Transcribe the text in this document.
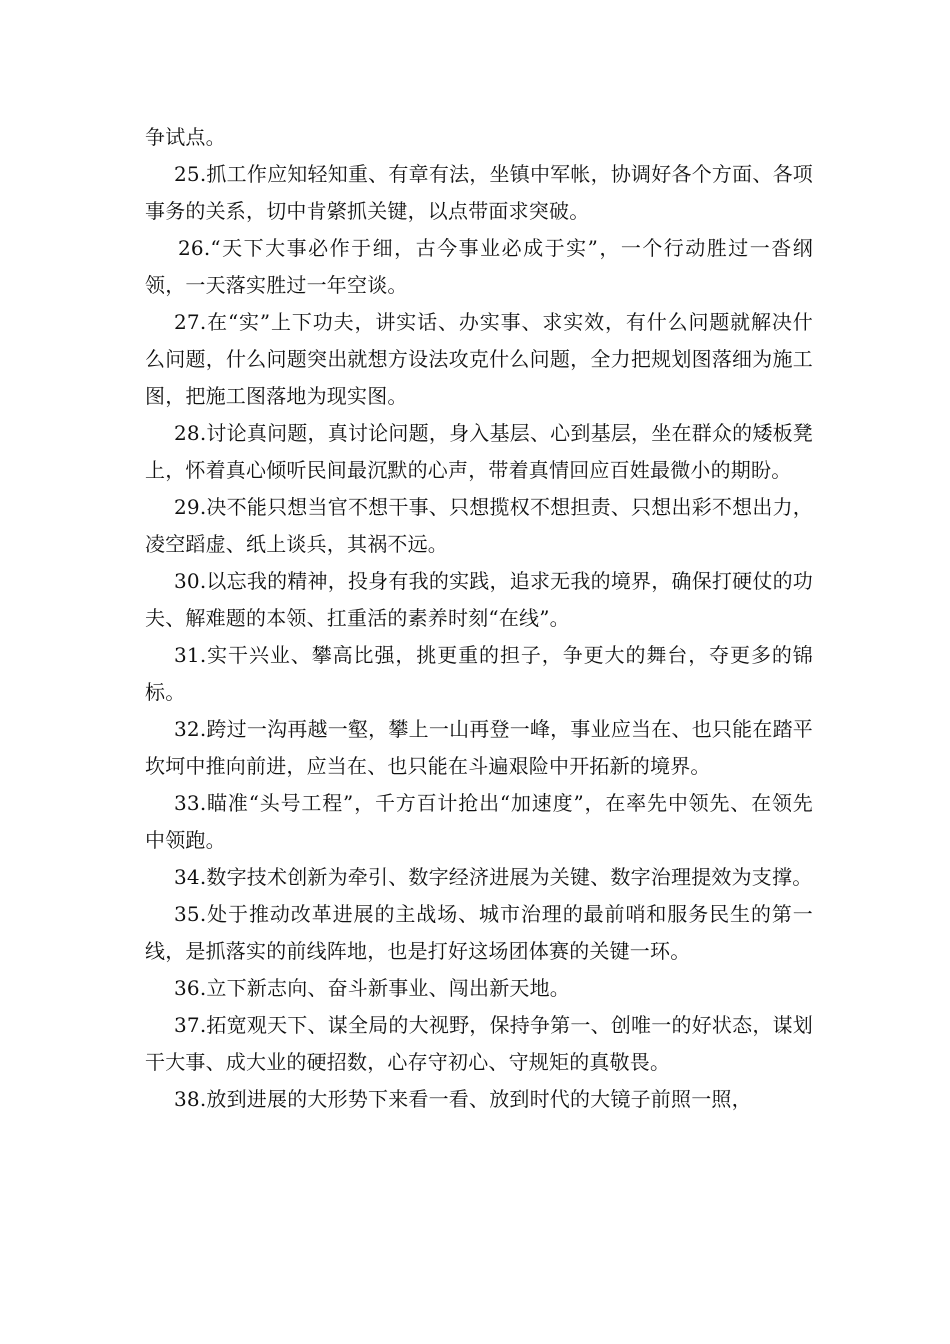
争试点。

25.抓工作应知轻知重、有章有法，坐镇中军帐，协调好各个方面、各项事务的关系，切中肯綮抓关键，以点带面求突破。

26.“天下大事必作于细，古今事业必成于实”，一个行动胜过一沓纲领，一天落实胜过一年空谈。

27.在“实”上下功夫，讲实话、办实事、求实效，有什么问题就解决什么问题，什么问题突出就想方设法攻克什么问题，全力把规划图落细为施工图，把施工图落地为现实图。

28.讨论真问题，真讨论问题，身入基层、心到基层，坐在群众的矮板凳上，怀着真心倾听民间最沉默的心声，带着真情回应百姓最微小的期盼。

29.决不能只想当官不想干事、只想揽权不想担责、只想出彩不想出力，凌空蹈虚、纸上谈兵，其祸不远。

30.以忘我的精神，投身有我的实践，追求无我的境界，确保打硬仗的功夫、解难题的本领、扛重活的素养时刻“在线”。

31.实干兴业、攀高比强，挑更重的担子，争更大的舞台，夺更多的锦标。

32.跨过一沟再越一壑，攀上一山再登一峰，事业应当在、也只能在踏平坎坷中推向前进，应当在、也只能在斗遍艰险中开拓新的境界。

33.瞄准“头号工程”，千方百计抢出“加速度”，在率先中领先、在领先中领跑。

34.数字技术创新为牵引、数字经济进展为关键、数字治理提效为支撑。

35.处于推动改革进展的主战场、城市治理的最前哨和服务民生的第一线，是抓落实的前线阵地，也是打好这场团体赛的关键一环。

36.立下新志向、奋斗新事业、闯出新天地。

37.拓宽观天下、谋全局的大视野，保持争第一、创唯一的好状态，谋划干大事、成大业的硬招数，心存守初心、守规矩的真敬畏。

38.放到进展的大形势下来看一看、放到时代的大镜子前照一照，
